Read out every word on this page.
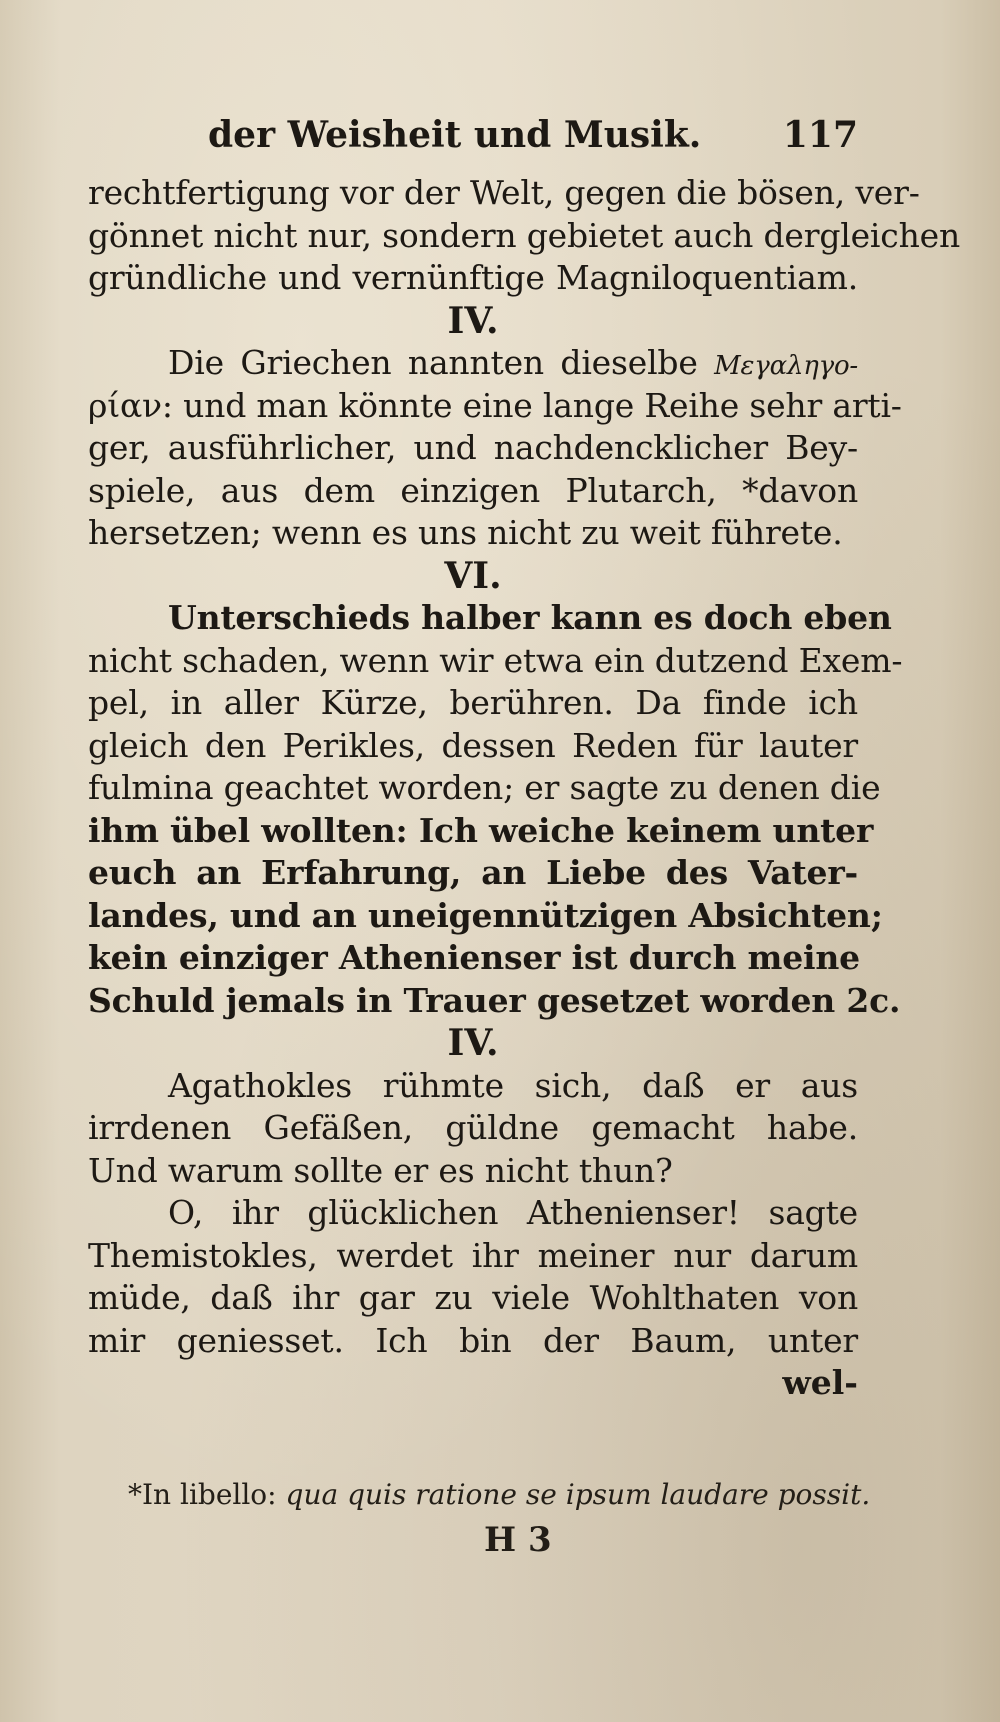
der Weisheit und Musik. 117
rechtfertigung vor der Welt, gegen die bösen, ver-
gönnet nicht nur, sondern gebietet auch dergleichen
gründliche und vernünftige Magniloquentiam.
IV.
Die Griechen nannten dieselbe Μεγαληγο-
ρίαν: und man könnte eine lange Reihe sehr arti-
ger, ausführlicher, und nachdencklicher Bey-
spiele, aus dem einzigen Plutarch, *davon
hersetzen; wenn es uns nicht zu weit führete.
VI.
Unterschieds halber kann es doch eben
nicht schaden, wenn wir etwa ein dutzend Exem-
pel, in aller Kürze, berühren. Da finde ich
gleich den Perikles, dessen Reden für lauter
fulmina geachtet worden; er sagte zu denen die
ihm übel wollten: Ich weiche keinem unter
euch an Erfahrung, an Liebe des Vater-
landes, und an uneigennützigen Absichten;
kein einziger Athenienser ist durch meine
Schuld jemals in Trauer gesetzet worden 2c.
IV.
Agathokles rühmte sich, daß er aus
irrdenen Gefäßen, güldne gemacht habe.
Und warum sollte er es nicht thun?
O, ihr glücklichen Athenienser! sagte
Themistokles, werdet ihr meiner nur darum
müde, daß ihr gar zu viele Wohlthaten von
mir geniesset. Ich bin der Baum, unter
wel-
*In libello: qua quis ratione se ipsum laudare possit.
H 3
